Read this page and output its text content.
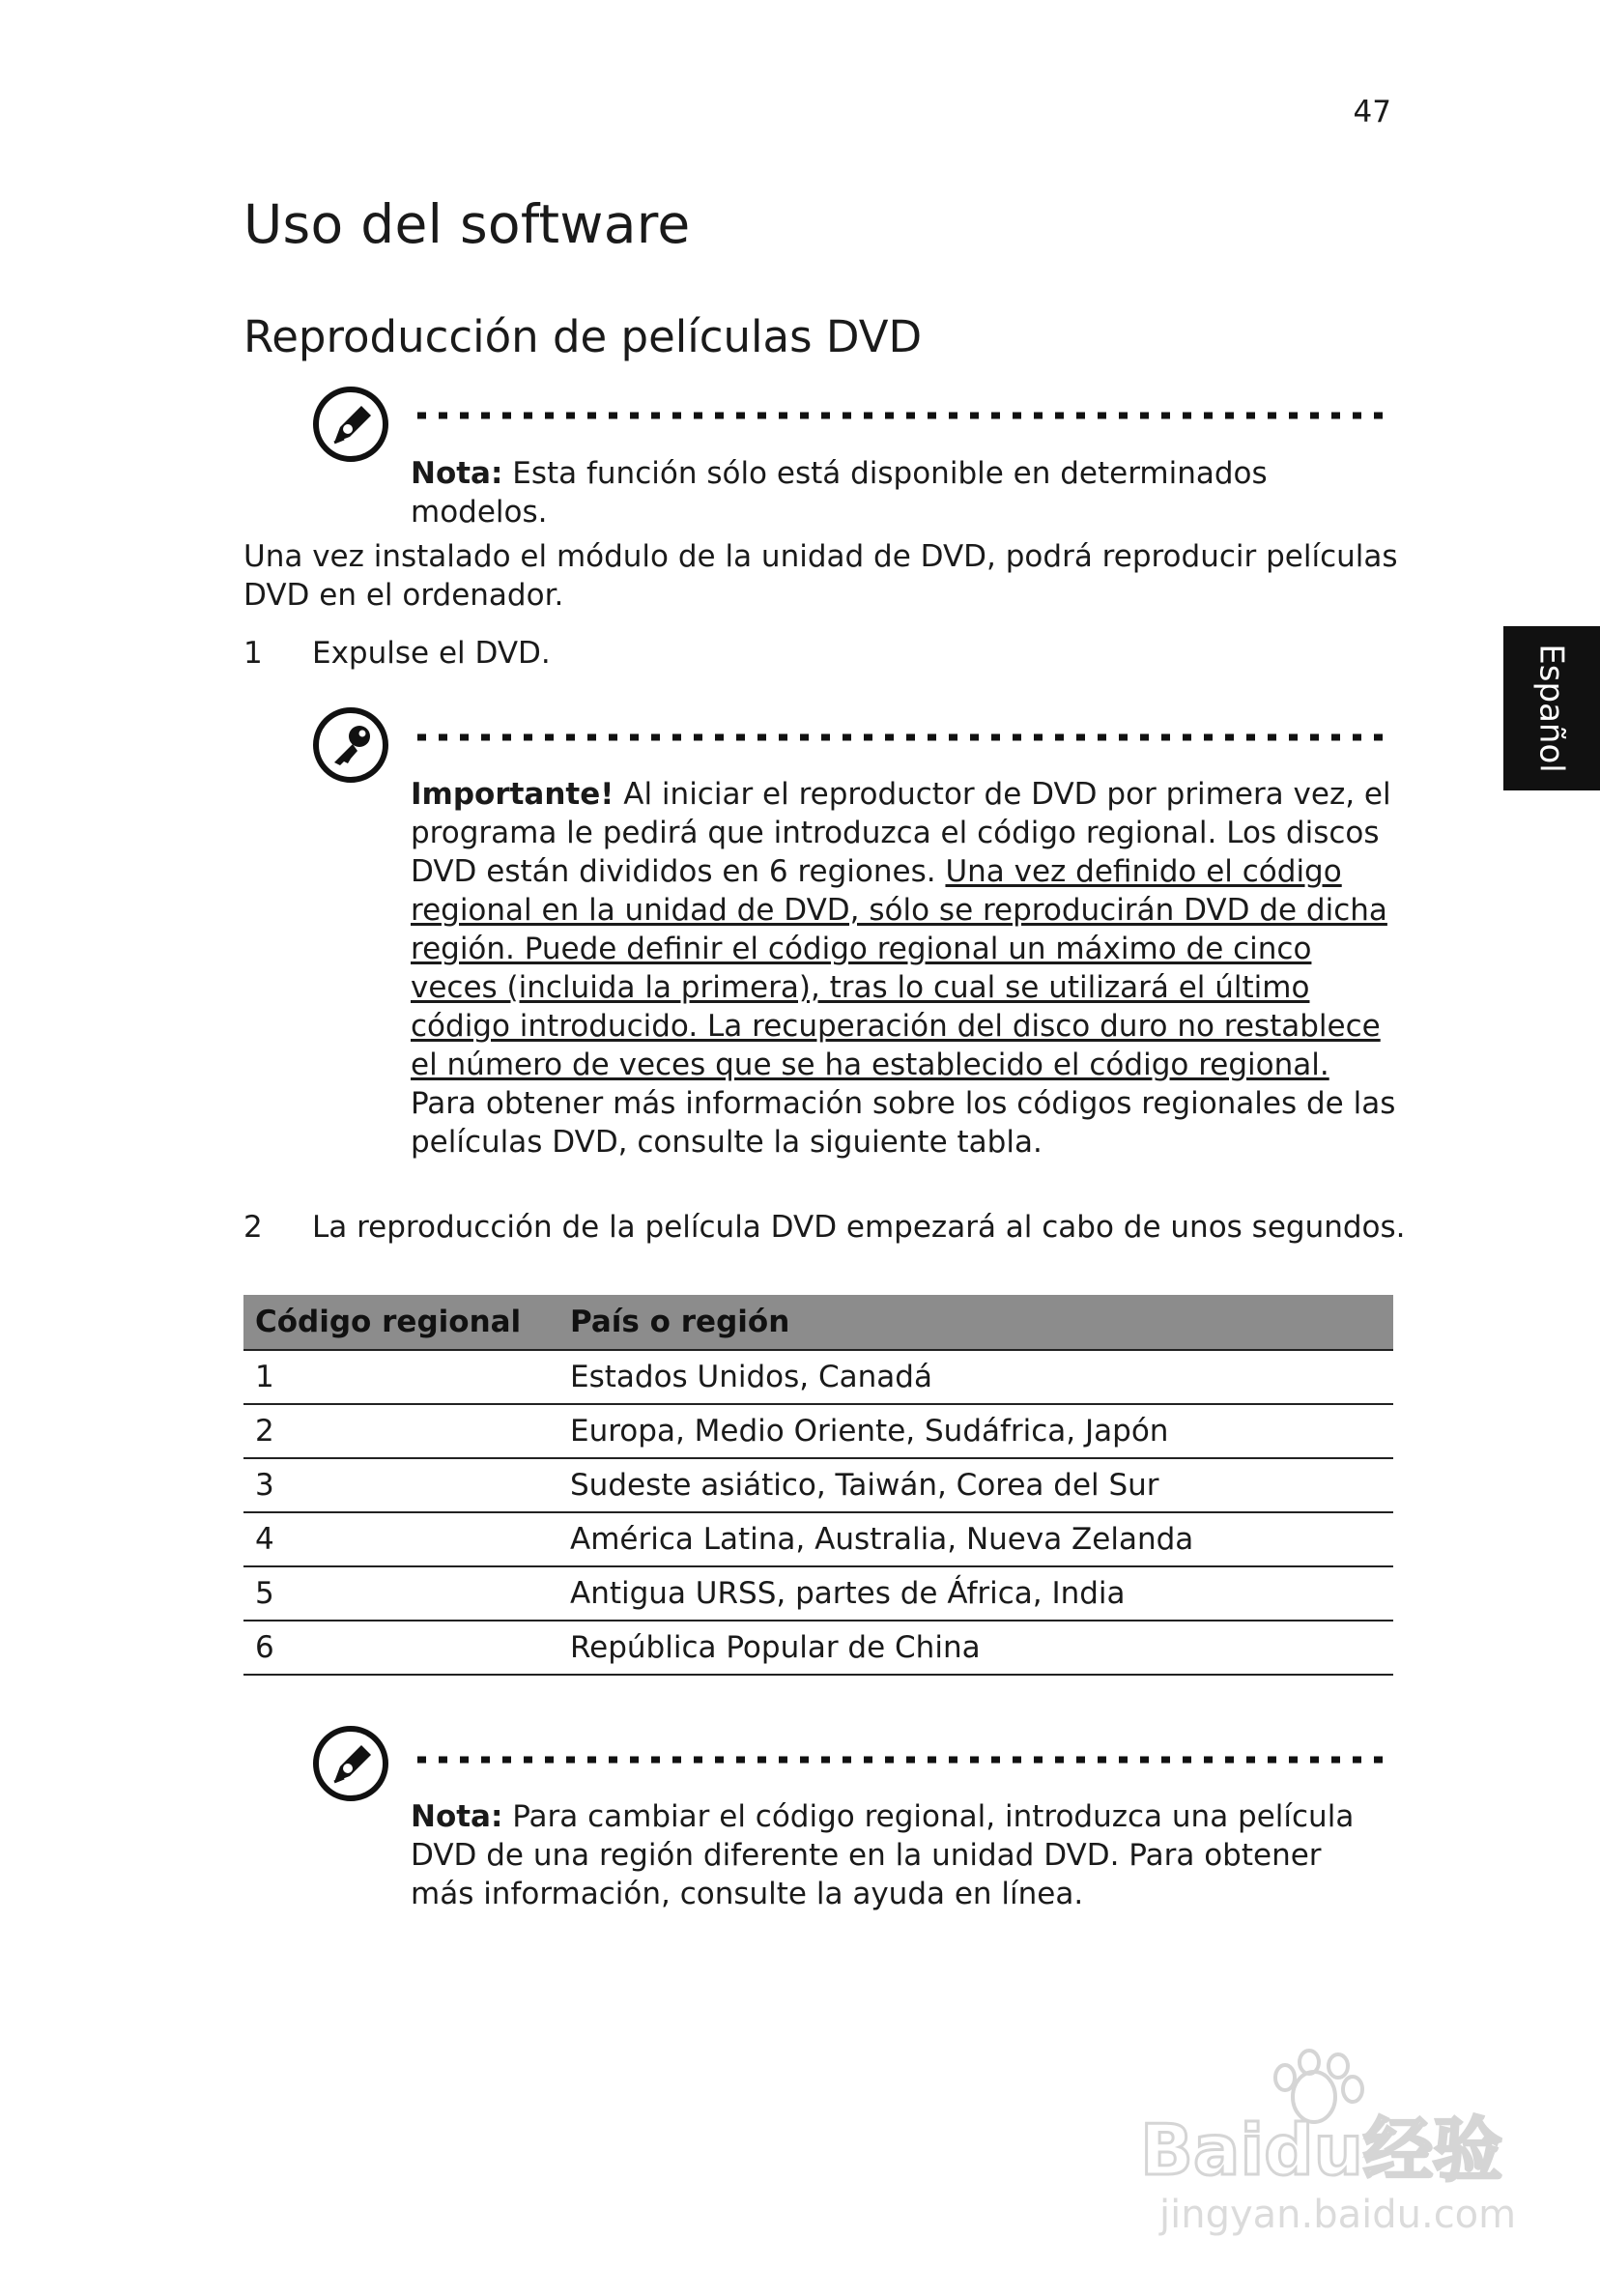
47
Español
Uso del software
Reproducción de películas DVD
Nota: Esta función sólo está disponible en determinados modelos.
Una vez instalado el módulo de la unidad de DVD, podrá reproducir películas DVD en el ordenador.
1 Expulse el DVD.
Importante! Al iniciar el reproductor de DVD por primera vez, el programa le pedirá que introduzca el código regional. Los discos DVD están divididos en 6 regiones. Una vez definido el código regional en la unidad de DVD, sólo se reproducirán DVD de dicha región. Puede definir el código regional un máximo de cinco veces (incluida la primera), tras lo cual se utilizará el último código introducido. La recuperación del disco duro no restablece el número de veces que se ha establecido el código regional.
Para obtener más información sobre los códigos regionales de las películas DVD, consulte la siguiente tabla.
2 La reproducción de la película DVD empezará al cabo de unos segundos.
Código regional	País o región
1	Estados Unidos, Canadá
2	Europa, Medio Oriente, Sudáfrica, Japón
3	Sudeste asiático, Taiwán, Corea del Sur
4	América Latina, Australia, Nueva Zelanda
5	Antigua URSS, partes de África, India
6	República Popular de China
Nota: Para cambiar el código regional, introduzca una película DVD de una región diferente en la unidad DVD. Para obtener más información, consulte la ayuda en línea.
Baidu经验
jingyan.baidu.com
